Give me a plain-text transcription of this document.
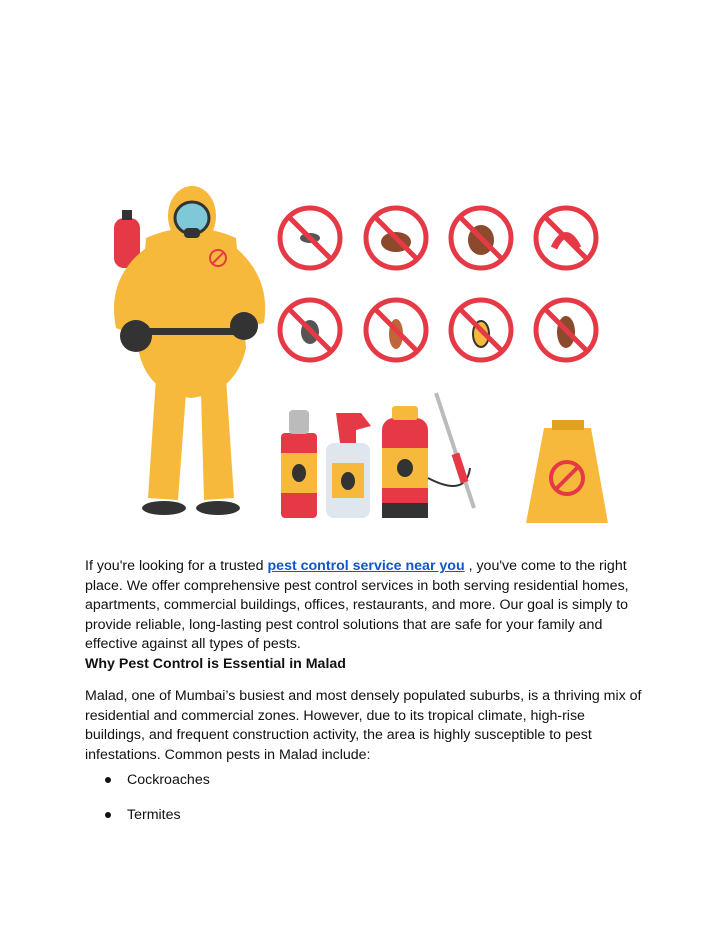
If you're looking for a trusted pest control service near you , you've come to the right place. We offer comprehensive pest control services in both serving residential homes, apartments, commercial buildings, offices, restaurants, and more. Our goal is simply to provide reliable, long-lasting pest control solutions that are safe for your family and effective against all types of pests.

Why Pest Control is Essential in Malad

Malad, one of Mumbai’s busiest and most densely populated suburbs, is a thriving mix of residential and commercial zones. However, due to its tropical climate, high-rise buildings, and frequent construction activity, the area is highly susceptible to pest infestations. Common pests in Malad include:

Cockroaches
Termites
